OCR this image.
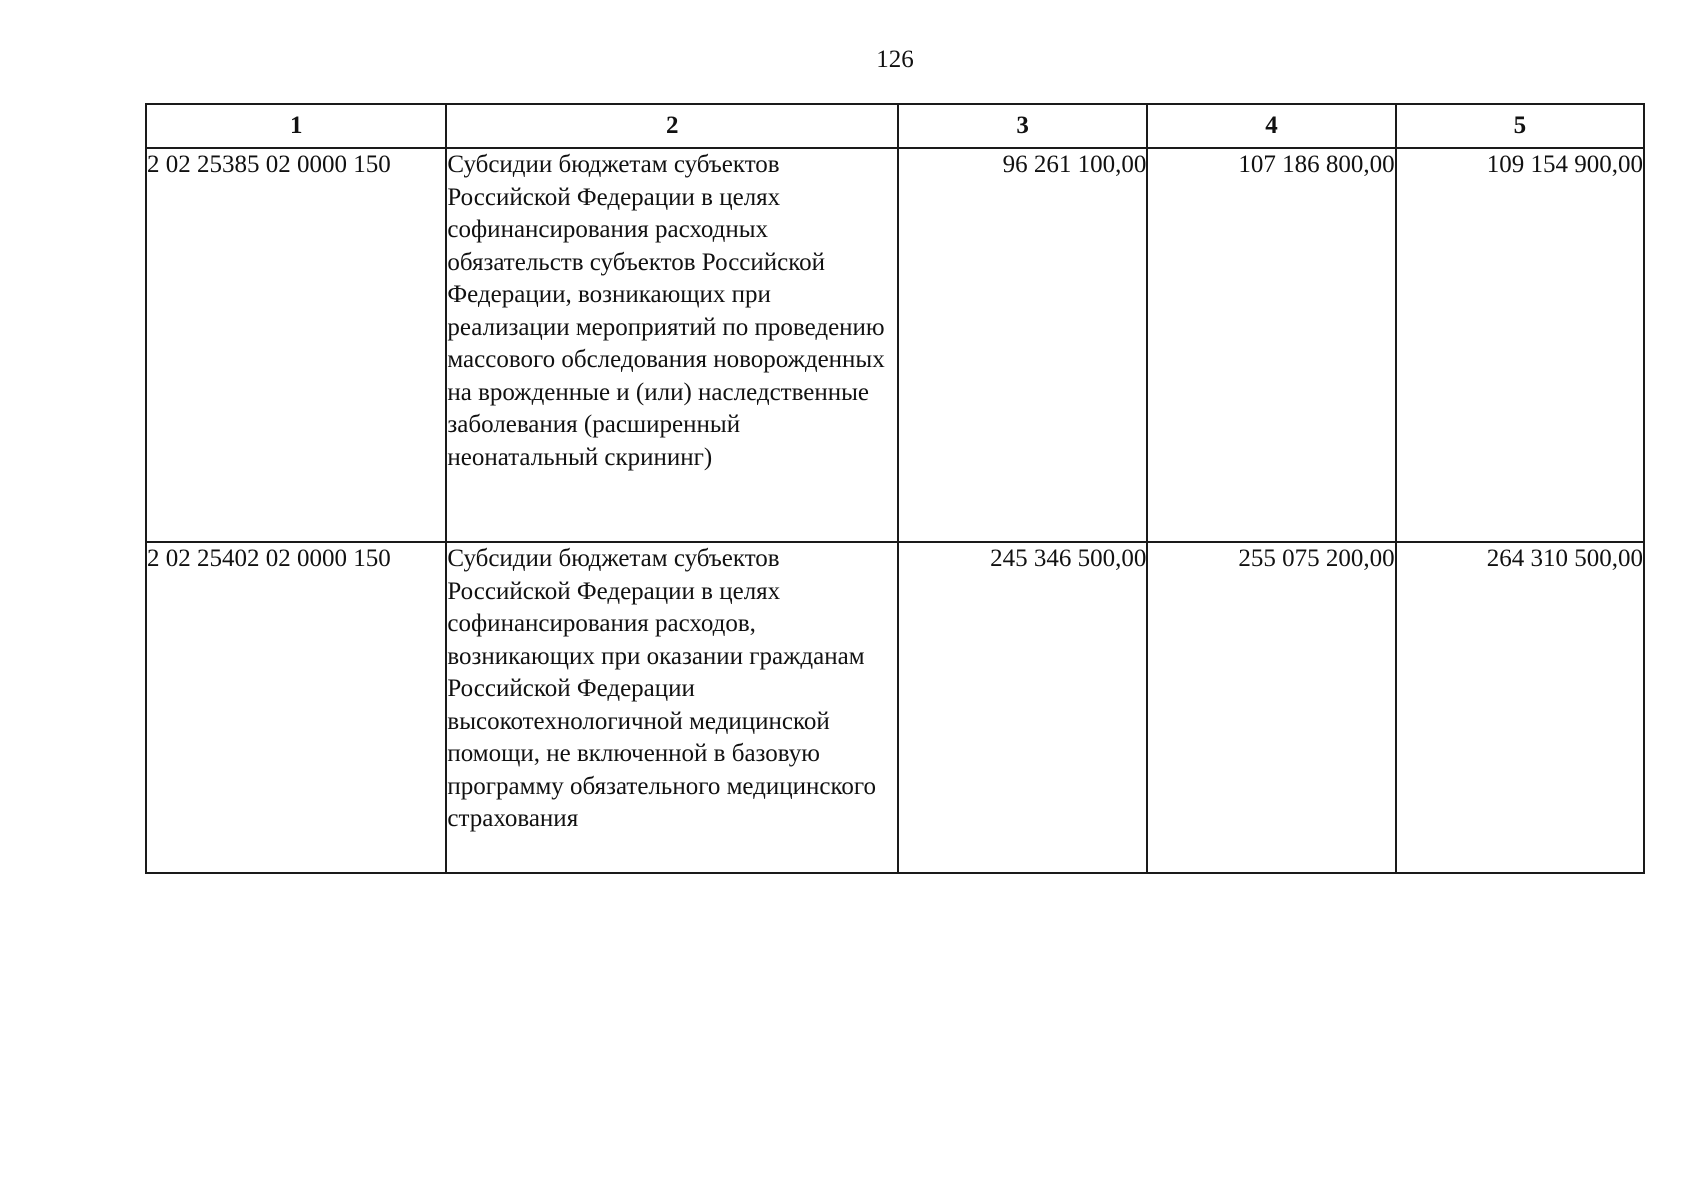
126
1	2	3	4	5
2 02 25385 02 0000 150	Субсидии бюджетам субъектов Российской Федерации в целях софинансирования расходных обязательств субъектов Российской Федерации, возникающих при реализации мероприятий по проведению массового обследования новорожденных на врожденные и (или) наследственные заболевания (расширенный неонатальный скрининг)	96 261 100,00	107 186 800,00	109 154 900,00
2 02 25402 02 0000 150	Субсидии бюджетам субъектов Российской Федерации в целях софинансирования расходов, возникающих при оказании гражданам Российской Федерации высокотехнологичной медицинской помощи, не включенной в базовую программу обязательного медицинского страхования	245 346 500,00	255 075 200,00	264 310 500,00
